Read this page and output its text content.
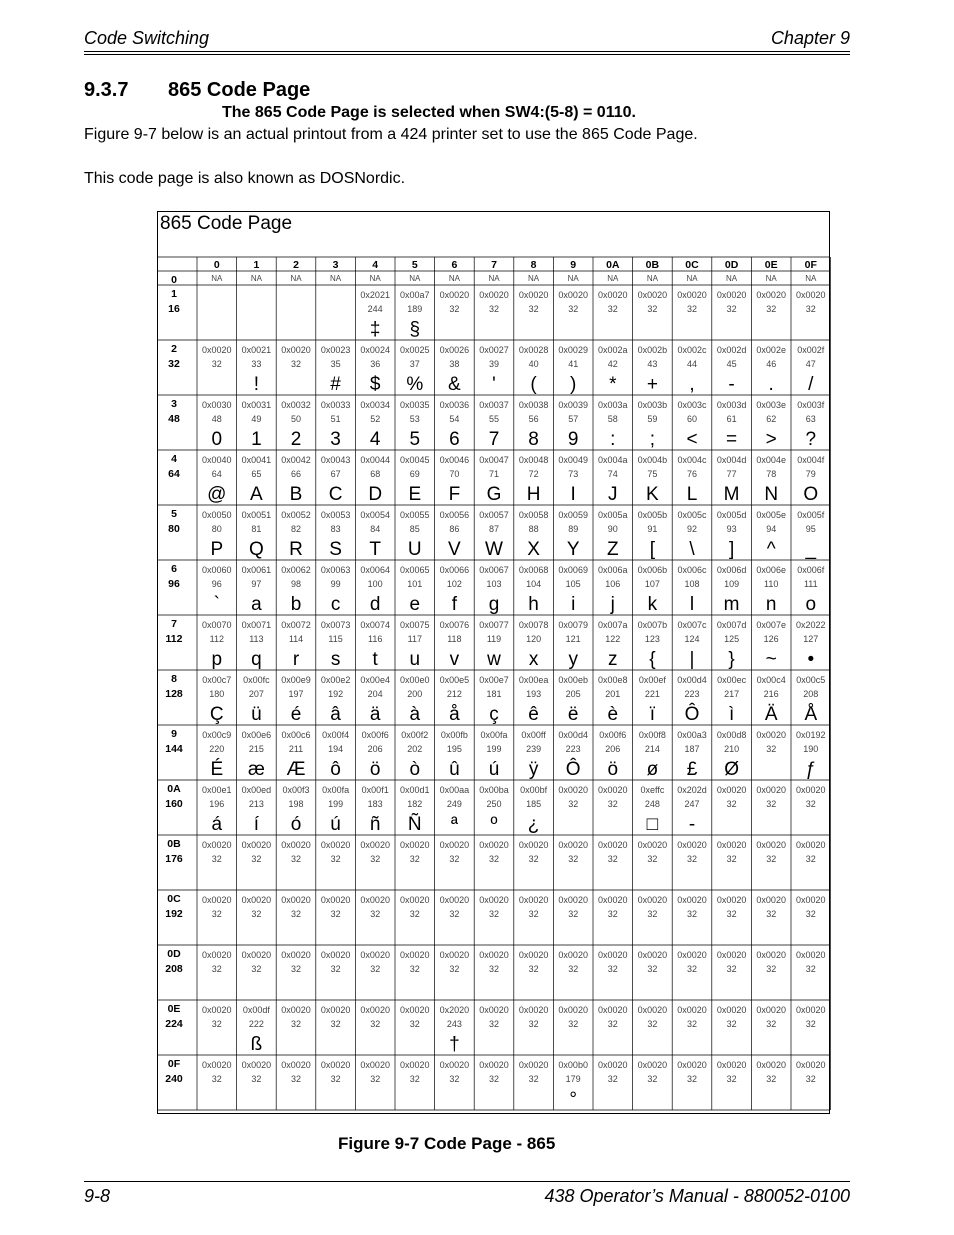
Code Switching	Chapter 9
9.3.7 865 Code Page
The 865 Code Page is selected when SW4:(5-8) = 0110.
Figure 9-7 below is an actual printout from a 424 printer set to use the 865 Code Page.
This code page is also known as DOSNordic.
865 Code Page
0
NA
1
NA
2
NA
3
NA
4
NA
5
NA
6
NA
7
NA
8
NA
9
NA
0A
NA
0B
NA
0C
NA
0D
NA
0E
NA
0F
NA
0
1
16
2
32
3
48
4
64
5
80
6
96
7
112
8
128
9
144
0A
160
0B
176
0C
192
0D
208
0E
224
0F
240
0x2021
244
‡
0x00a7
189
§
0x0020
32
0x0020
32
0x0020
32
0x0020
32
0x0020
32
0x0020
32
0x0020
32
0x0020
32
0x0020
32
0x0020
32
0x0020
32
0x0021
33
!
0x0020
32
0x0023
35
#
0x0024
36
$
0x0025
37
%
0x0026
38
&
0x0027
39
'
0x0028
40
(
0x0029
41
)
0x002a
42
*
0x002b
43
+
0x002c
44
,
0x002d
45
-
0x002e
46
.
0x002f
47
/
0x0030
48
0
0x0031
49
1
0x0032
50
2
0x0033
51
3
0x0034
52
4
0x0035
53
5
0x0036
54
6
0x0037
55
7
0x0038
56
8
0x0039
57
9
0x003a
58
:
0x003b
59
;
0x003c
60
<
0x003d
61
=
0x003e
62
>
0x003f
63
?
0x0040
64
@
0x0041
65
A
0x0042
66
B
0x0043
67
C
0x0044
68
D
0x0045
69
E
0x0046
70
F
0x0047
71
G
0x0048
72
H
0x0049
73
I
0x004a
74
J
0x004b
75
K
0x004c
76
L
0x004d
77
M
0x004e
78
N
0x004f
79
O
0x0050
80
P
0x0051
81
Q
0x0052
82
R
0x0053
83
S
0x0054
84
T
0x0055
85
U
0x0056
86
V
0x0057
87
W
0x0058
88
X
0x0059
89
Y
0x005a
90
Z
0x005b
91
[
0x005c
92
\
0x005d
93
]
0x005e
94
^
0x005f
95
_
0x0060
96
`
0x0061
97
a
0x0062
98
b
0x0063
99
c
0x0064
100
d
0x0065
101
e
0x0066
102
f
0x0067
103
g
0x0068
104
h
0x0069
105
i
0x006a
106
j
0x006b
107
k
0x006c
108
l
0x006d
109
m
0x006e
110
n
0x006f
111
o
0x0070
112
p
0x0071
113
q
0x0072
114
r
0x0073
115
s
0x0074
116
t
0x0075
117
u
0x0076
118
v
0x0077
119
w
0x0078
120
x
0x0079
121
y
0x007a
122
z
0x007b
123
{
0x007c
124
|
0x007d
125
}
0x007e
126
~
0x2022
127
•
0x00c7
180
Ç
0x00fc
207
ü
0x00e9
197
é
0x00e2
192
â
0x00e4
204
ä
0x00e0
200
à
0x00e5
212
å
0x00e7
181
ç
0x00ea
193
ê
0x00eb
205
ë
0x00e8
201
è
0x00ef
221
ï
0x00d4
223
Ô
0x00ec
217
ì
0x00c4
216
Ä
0x00c5
208
Å
0x00c9
220
É
0x00e6
215
æ
0x00c6
211
Æ
0x00f4
194
ô
0x00f6
206
ö
0x00f2
202
ò
0x00fb
195
û
0x00fa
199
ú
0x00ff
239
ÿ
0x00d4
223
Ô
0x00f6
206
ö
0x00f8
214
ø
0x00a3
187
£
0x00d8
210
Ø
0x0020
32
0x0192
190
ƒ
0x00e1
196
á
0x00ed
213
í
0x00f3
198
ó
0x00fa
199
ú
0x00f1
183
ñ
0x00d1
182
Ñ
0x00aa
249
ª
0x00ba
250
º
0x00bf
185
¿
0x0020
32
0x0020
32
0xeffc
248
□
0x202d
247
-
0x0020
32
0x0020
32
0x0020
32
0x0020
32
0x0020
32
0x0020
32
0x0020
32
0x0020
32
0x0020
32
0x0020
32
0x0020
32
0x0020
32
0x0020
32
0x0020
32
0x0020
32
0x0020
32
0x0020
32
0x0020
32
0x0020
32
0x0020
32
0x0020
32
0x0020
32
0x0020
32
0x0020
32
0x0020
32
0x0020
32
0x0020
32
0x0020
32
0x0020
32
0x0020
32
0x0020
32
0x0020
32
0x0020
32
0x0020
32
0x0020
32
0x0020
32
0x0020
32
0x0020
32
0x0020
32
0x0020
32
0x0020
32
0x0020
32
0x0020
32
0x0020
32
0x0020
32
0x0020
32
0x0020
32
0x0020
32
0x0020
32
0x0020
32
0x0020
32
0x0020
32
0x00df
222
ß
0x0020
32
0x0020
32
0x0020
32
0x0020
32
0x2020
243
†
0x0020
32
0x0020
32
0x0020
32
0x0020
32
0x0020
32
0x0020
32
0x0020
32
0x0020
32
0x0020
32
0x0020
32
0x0020
32
0x0020
32
0x0020
32
0x0020
32
0x0020
32
0x0020
32
0x0020
32
0x0020
32
0x00b0
179
°
0x0020
32
0x0020
32
0x0020
32
0x0020
32
0x0020
32
0x0020
32
Figure 9-7 Code Page - 865
9-8	438 Operator’s Manual - 880052-0100
